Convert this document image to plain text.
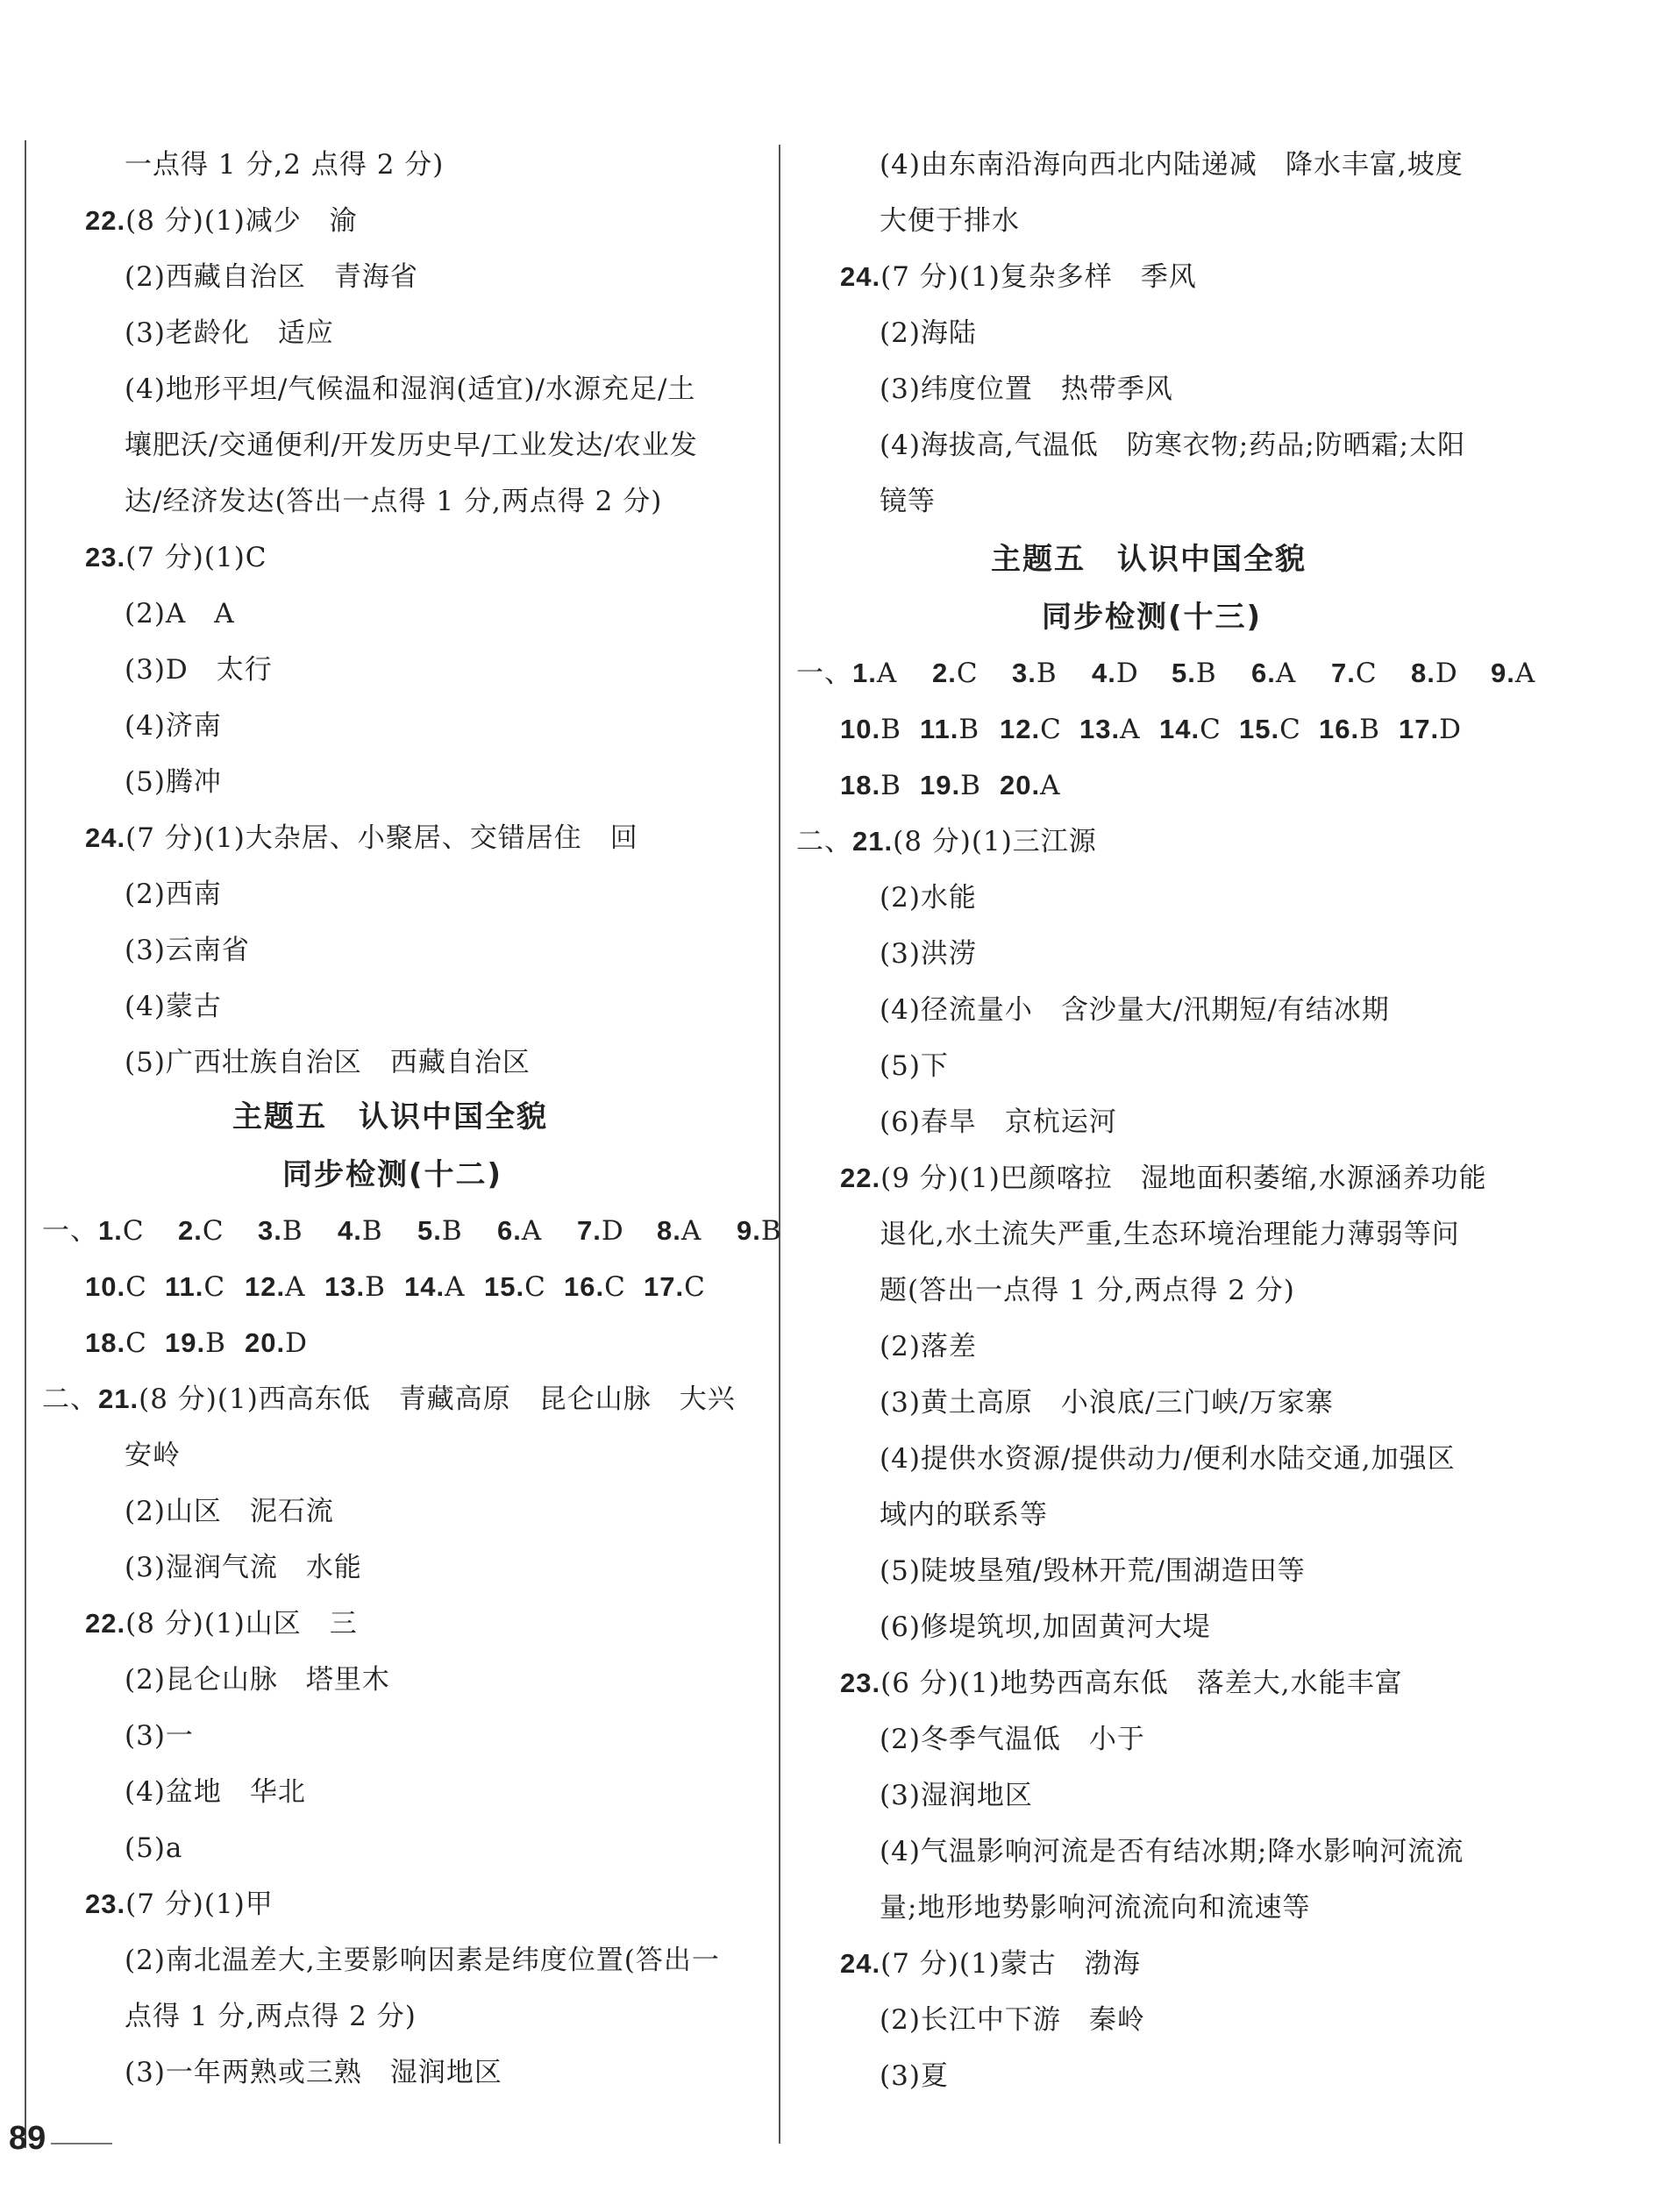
一点得 1 分,2 点得 2 分)
22.(8 分)(1)减少　渝
(2)西藏自治区　青海省
(3)老龄化　适应
(4)地形平坦/气候温和湿润(适宜)/水源充足/土
壤肥沃/交通便利/开发历史早/工业发达/农业发
达/经济发达(答出一点得 1 分,两点得 2 分)
23.(7 分)(1)C
(2)A　A
(3)D　太行
(4)济南
(5)腾冲
24.(7 分)(1)大杂居、小聚居、交错居住　回
(2)西南
(3)云南省
(4)蒙古
(5)广西壮族自治区　西藏自治区
主题五　认识中国全貌
同步检测(十二)
一、1.C 2.C 3.B 4.B 5.B 6.A 7.D 8.A 9.B
10.C 11.C 12.A 13.B 14.A 15.C 16.C 17.C
18.C 19.B 20.D
二、21.(8 分)(1)西高东低　青藏高原　昆仑山脉　大兴
安岭
(2)山区　泥石流
(3)湿润气流　水能
22.(8 分)(1)山区　三
(2)昆仑山脉　塔里木
(3)一
(4)盆地　华北
(5)a
23.(7 分)(1)甲
(2)南北温差大,主要影响因素是纬度位置(答出一
点得 1 分,两点得 2 分)
(3)一年两熟或三熟　湿润地区
(4)由东南沿海向西北内陆递减　降水丰富,坡度
大便于排水
24.(7 分)(1)复杂多样　季风
(2)海陆
(3)纬度位置　热带季风
(4)海拔高,气温低　防寒衣物;药品;防晒霜;太阳
镜等
主题五　认识中国全貌
同步检测(十三)
一、1.A 2.C 3.B 4.D 5.B 6.A 7.C 8.D 9.A
10.B 11.B 12.C 13.A 14.C 15.C 16.B 17.D
18.B 19.B 20.A
二、21.(8 分)(1)三江源
(2)水能
(3)洪涝
(4)径流量小　含沙量大/汛期短/有结冰期
(5)下
(6)春旱　京杭运河
22.(9 分)(1)巴颜喀拉　湿地面积萎缩,水源涵养功能
退化,水土流失严重,生态环境治理能力薄弱等问
题(答出一点得 1 分,两点得 2 分)
(2)落差
(3)黄土高原　小浪底/三门峡/万家寨
(4)提供水资源/提供动力/便利水陆交通,加强区
域内的联系等
(5)陡坡垦殖/毁林开荒/围湖造田等
(6)修堤筑坝,加固黄河大堤
23.(6 分)(1)地势西高东低　落差大,水能丰富
(2)冬季气温低　小于
(3)湿润地区
(4)气温影响河流是否有结冰期;降水影响河流流
量;地形地势影响河流流向和流速等
24.(7 分)(1)蒙古　渤海
(2)长江中下游　秦岭
(3)夏
89
